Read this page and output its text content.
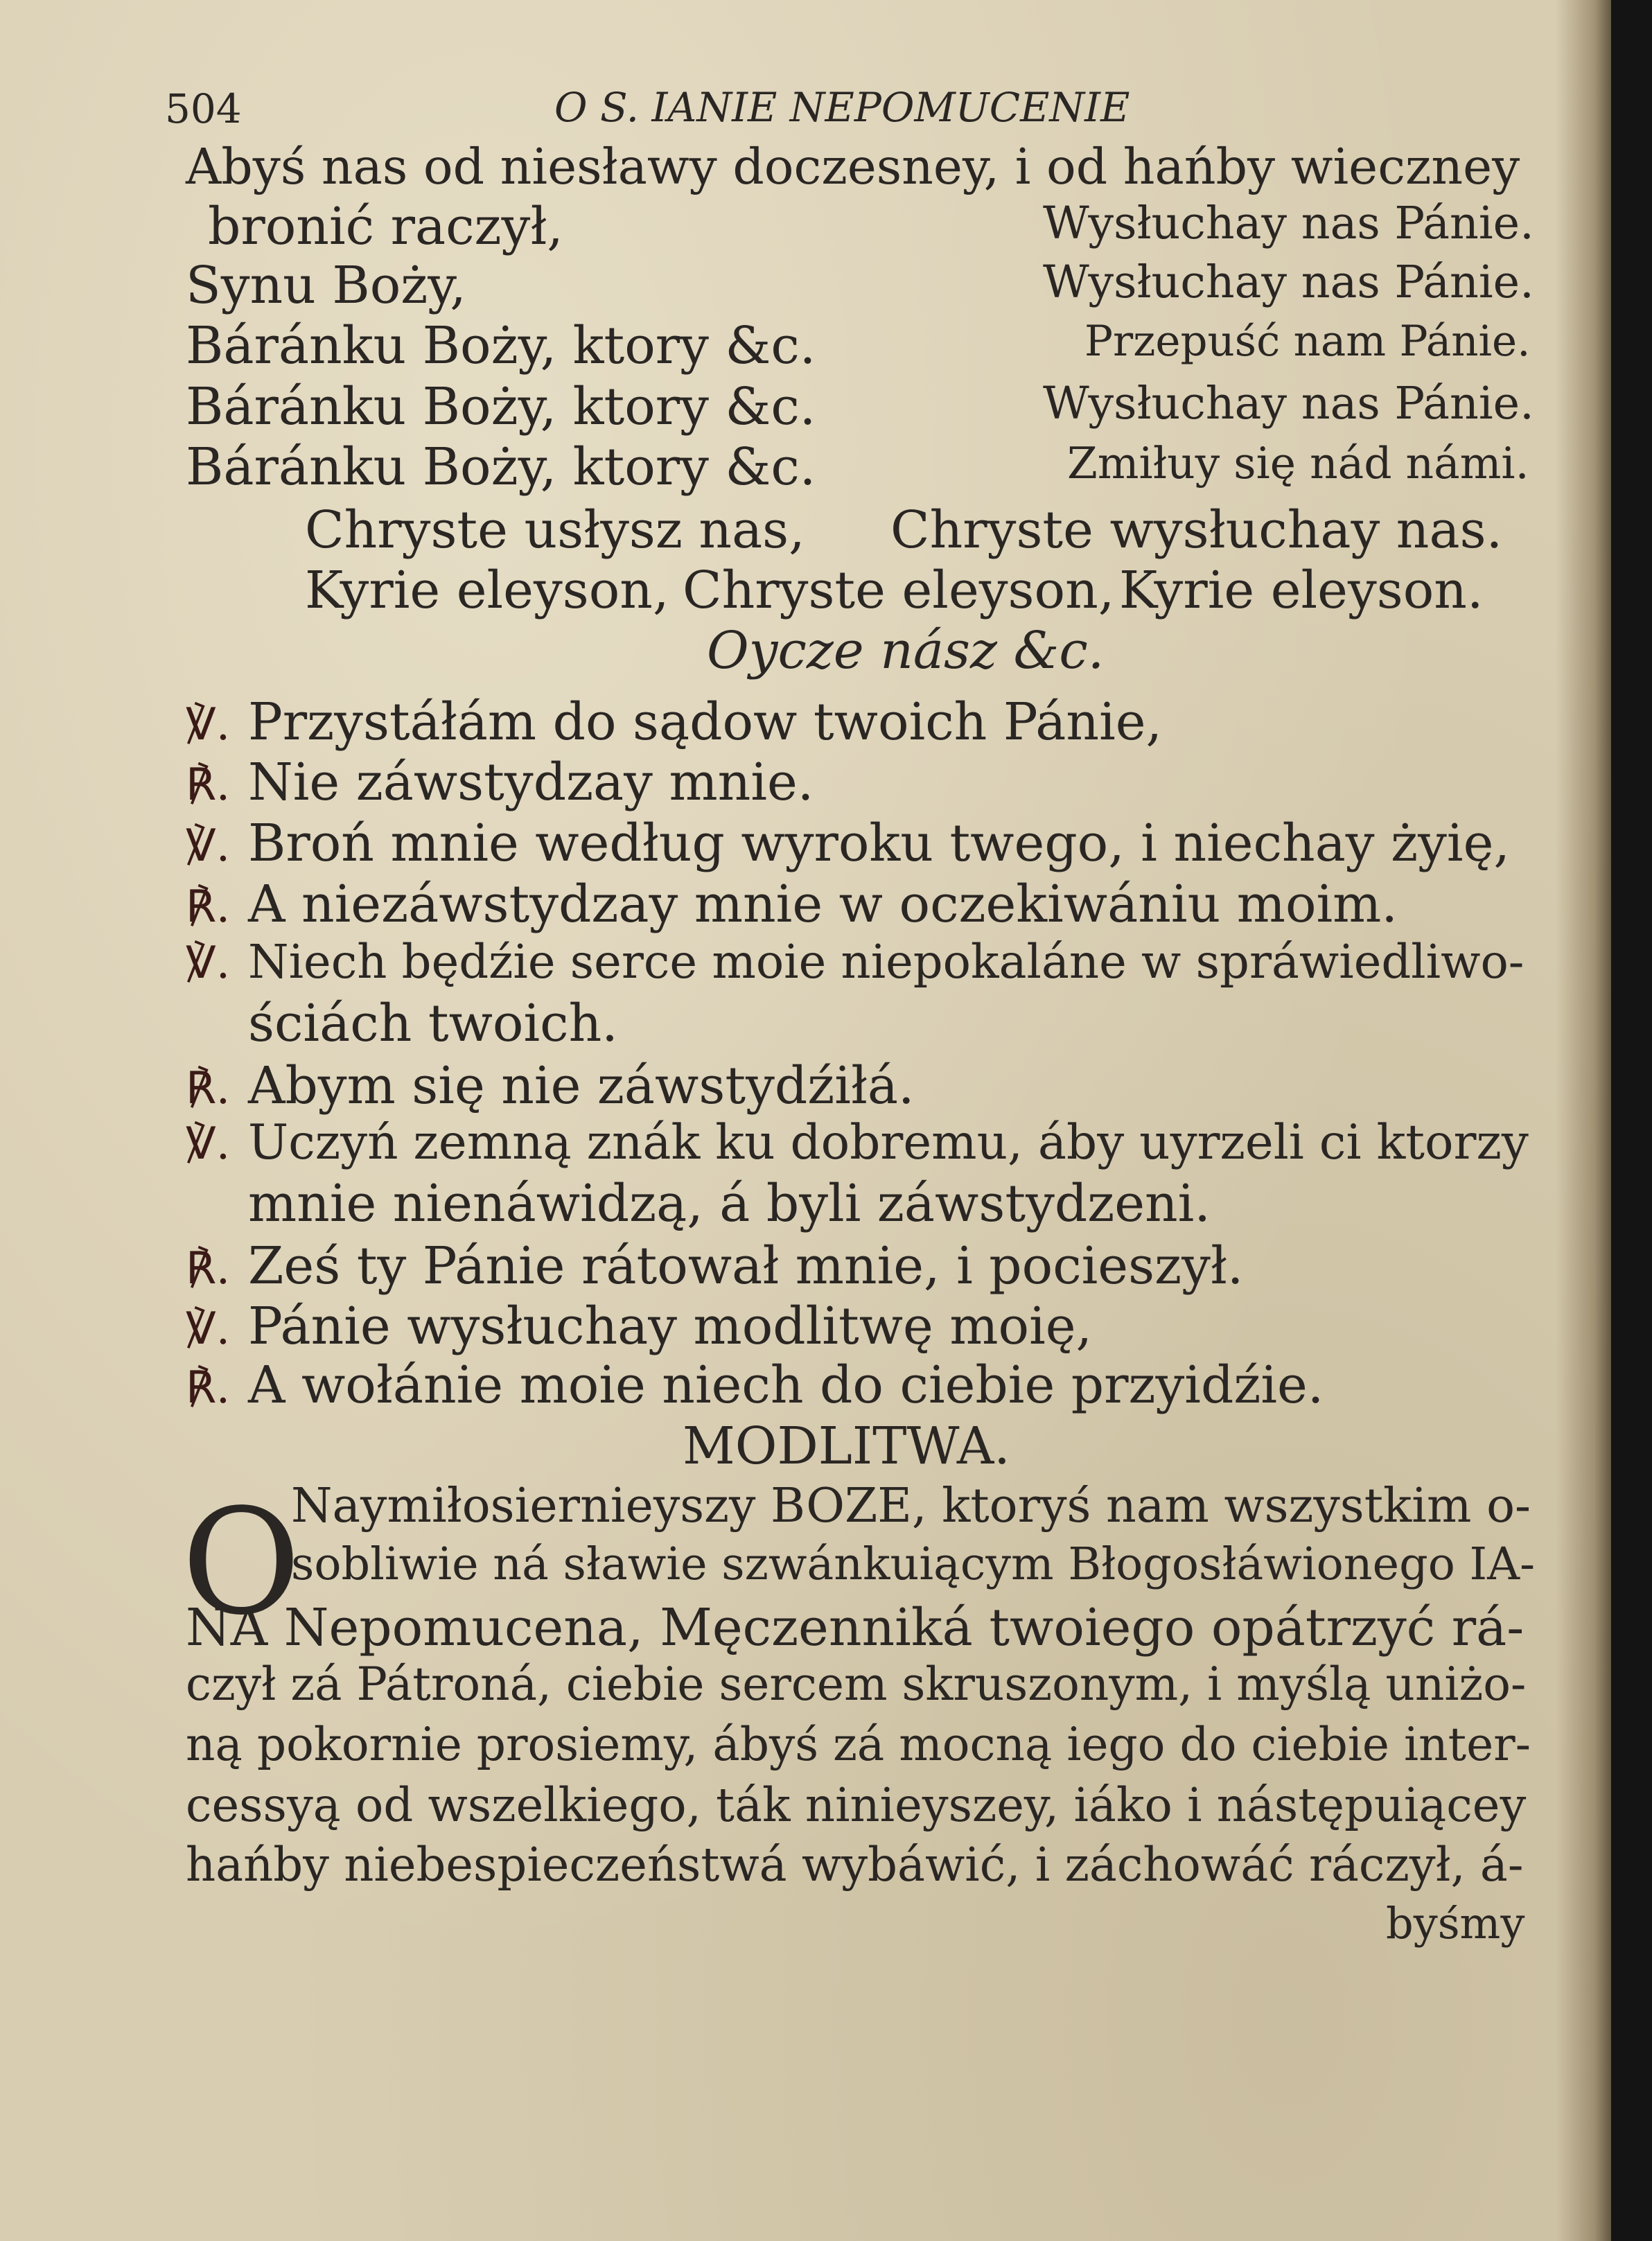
504	O S. IANIE NEPOMUCENIE
Abyś nas od niesławy doczesney, i od hańby wieczney
bronić raczył,	Wysłuchay nas Pánie.
Synu Boży,	Wysłuchay nas Pánie.
Báránku Boży, ktory &c.	Przepuść nam Pánie.
Báránku Boży, ktory &c.	Wysłuchay nas Pánie.
Báránku Boży, ktory &c.	Zmiłuy się nád námi.
Chryste usłysz nas, Chryste wysłuchay nas.
Kyrie eleyson, Chryste eleyson, Kyrie eleyson.
Oycze nász &c.
℣. Przystáłám do sądow twoich Pánie,
℟. Nie záwstydzay mnie.
℣. Broń mnie według wyroku twego, i niechay żyię,
℟. A niezáwstydzay mnie w oczekiwániu moim.
℣. Niech będźie serce moie niepokaláne w spráwiedliwo-
ściách twoich.
℟. Abym się nie záwstydźiłá.
℣. Uczyń zemną znák ku dobremu, áby uyrzeli ci ktorzy
mnie nienáwidzą, á byli záwstydzeni.
℟. Ześ ty Pánie rátował mnie, i pocieszył.
℣. Pánie wysłuchay modlitwę moię,
℟. A wołánie moie niech do ciebie przyidźie.
MODLITWA.
O
Naymiłosiernieyszy BOZE, ktoryś nam wszystkim o-
sobliwie ná sławie szwánkuiącym Błogosłáwionego IA-
NA Nepomucena, Męczenniká twoiego opátrzyć rá-
czył zá Pátroná, ciebie sercem skruszonym, i myślą uniżo-
ną pokornie prosiemy, ábyś zá mocną iego do ciebie inter-
cessyą od wszelkiego, ták ninieyszey, iáko i nástępuiącey
hańby niebespieczeństwá wybáwić, i záchowáć ráczył, á-
byśmy
